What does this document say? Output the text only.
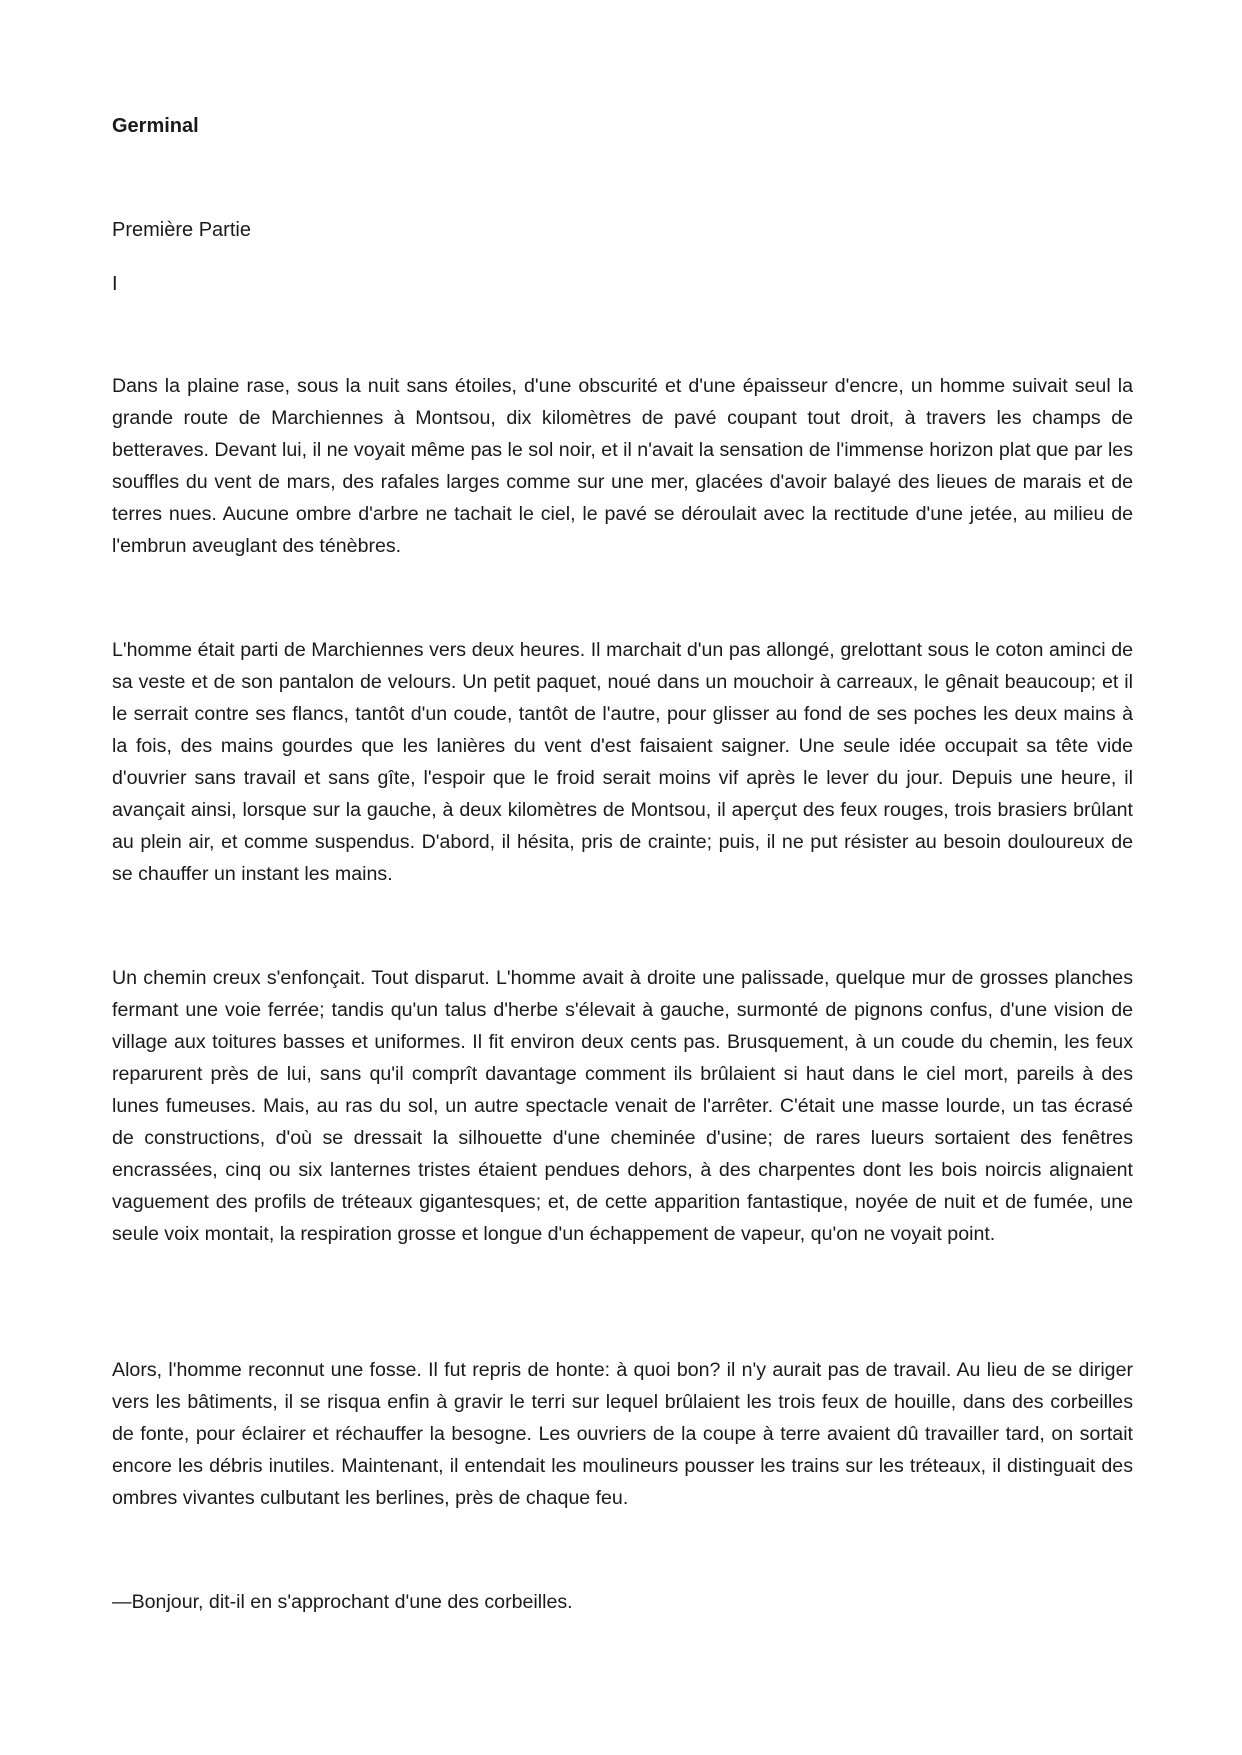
Germinal

Première Partie

I

Dans la plaine rase, sous la nuit sans étoiles, d'une obscurité et d'une épaisseur d'encre, un homme suivait seul la grande route de Marchiennes à Montsou, dix kilomètres de pavé coupant tout droit, à travers les champs de betteraves. Devant lui, il ne voyait même pas le sol noir, et il n'avait la sensation de l'immense horizon plat que par les souffles du vent de mars, des rafales larges comme sur une mer, glacées d'avoir balayé des lieues de marais et de terres nues. Aucune ombre d'arbre ne tachait le ciel, le pavé se déroulait avec la rectitude d'une jetée, au milieu de l'embrun aveuglant des ténèbres.

L'homme était parti de Marchiennes vers deux heures. Il marchait d'un pas allongé, grelottant sous le coton aminci de sa veste et de son pantalon de velours. Un petit paquet, noué dans un mouchoir à carreaux, le gênait beaucoup; et il le serrait contre ses flancs, tantôt d'un coude, tantôt de l'autre, pour glisser au fond de ses poches les deux mains à la fois, des mains gourdes que les lanières du vent d'est faisaient saigner. Une seule idée occupait sa tête vide d'ouvrier sans travail et sans gîte, l'espoir que le froid serait moins vif après le lever du jour. Depuis une heure, il avançait ainsi, lorsque sur la gauche, à deux kilomètres de Montsou, il aperçut des feux rouges, trois brasiers brûlant au plein air, et comme suspendus. D'abord, il hésita, pris de crainte; puis, il ne put résister au besoin douloureux de se chauffer un instant les mains.

Un chemin creux s'enfonçait. Tout disparut. L'homme avait à droite une palissade, quelque mur de grosses planches fermant une voie ferrée; tandis qu'un talus d'herbe s'élevait à gauche, surmonté de pignons confus, d'une vision de village aux toitures basses et uniformes. Il fit environ deux cents pas. Brusquement, à un coude du chemin, les feux reparurent près de lui, sans qu'il comprît davantage comment ils brûlaient si haut dans le ciel mort, pareils à des lunes fumeuses. Mais, au ras du sol, un autre spectacle venait de l'arrêter. C'était une masse lourde, un tas écrasé de constructions, d'où se dressait la silhouette d'une cheminée d'usine; de rares lueurs sortaient des fenêtres encrassées, cinq ou six lanternes tristes étaient pendues dehors, à des charpentes dont les bois noircis alignaient vaguement des profils de tréteaux gigantesques; et, de cette apparition fantastique, noyée de nuit et de fumée, une seule voix montait, la respiration grosse et longue d'un échappement de vapeur, qu'on ne voyait point.

Alors, l'homme reconnut une fosse. Il fut repris de honte: à quoi bon? il n'y aurait pas de travail. Au lieu de se diriger vers les bâtiments, il se risqua enfin à gravir le terri sur lequel brûlaient les trois feux de houille, dans des corbeilles de fonte, pour éclairer et réchauffer la besogne. Les ouvriers de la coupe à terre avaient dû travailler tard, on sortait encore les débris inutiles. Maintenant, il entendait les moulineurs pousser les trains sur les tréteaux, il distinguait des ombres vivantes culbutant les berlines, près de chaque feu.

—Bonjour, dit-il en s'approchant d'une des corbeilles.
